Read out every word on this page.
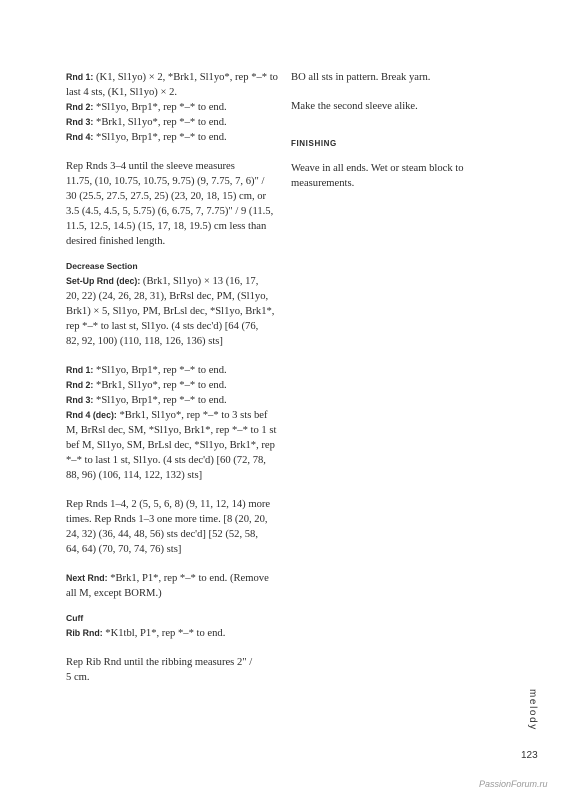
Rnd 1: (K1, Sl1yo) × 2, *Brk1, Sl1yo*, rep *–* to
last 4 sts, (K1, Sl1yo) × 2.
Rnd 2: *Sl1yo, Brp1*, rep *–* to end.
Rnd 3: *Brk1, Sl1yo*, rep *–* to end.
Rnd 4: *Sl1yo, Brp1*, rep *–* to end.
Rep Rnds 3–4 until the sleeve measures
11.75, (10, 10.75, 10.75, 9.75) (9, 7.75, 7, 6)" /
30 (25.5, 27.5, 27.5, 25) (23, 20, 18, 15) cm, or
3.5 (4.5, 4.5, 5, 5.75) (6, 6.75, 7, 7.75)" / 9 (11.5,
11.5, 12.5, 14.5) (15, 17, 18, 19.5) cm less than
desired finished length.
Decrease Section
Set-Up Rnd (dec): (Brk1, Sl1yo) × 13 (16, 17,
20, 22) (24, 26, 28, 31), BrRsl dec, PM, (Sl1yo,
Brk1) × 5, Sl1yo, PM, BrLsl dec, *Sl1yo, Brk1*,
rep *–* to last st, Sl1yo. (4 sts dec'd) [64 (76,
82, 92, 100) (110, 118, 126, 136) sts]
Rnd 1: *Sl1yo, Brp1*, rep *–* to end.
Rnd 2: *Brk1, Sl1yo*, rep *–* to end.
Rnd 3: *Sl1yo, Brp1*, rep *–* to end.
Rnd 4 (dec): *Brk1, Sl1yo*, rep *–* to 3 sts bef
M, BrRsl dec, SM, *Sl1yo, Brk1*, rep *–* to 1 st
bef M, Sl1yo, SM, BrLsl dec, *Sl1yo, Brk1*, rep
*–* to last 1 st, Sl1yo. (4 sts dec'd) [60 (72, 78,
88, 96) (106, 114, 122, 132) sts]
Rep Rnds 1–4, 2 (5, 5, 6, 8) (9, 11, 12, 14) more
times. Rep Rnds 1–3 one more time. [8 (20, 20,
24, 32) (36, 44, 48, 56) sts dec'd] [52 (52, 58,
64, 64) (70, 70, 74, 76) sts]
Next Rnd: *Brk1, P1*, rep *–* to end. (Remove
all M, except BORM.)
Cuff
Rib Rnd: *K1tbl, P1*, rep *–* to end.
Rep Rib Rnd until the ribbing measures 2" /
5 cm.
BO all sts in pattern. Break yarn.
Make the second sleeve alike.
FINISHING
Weave in all ends. Wet or steam block to
measurements.
melody
123
PassionForum.ru
